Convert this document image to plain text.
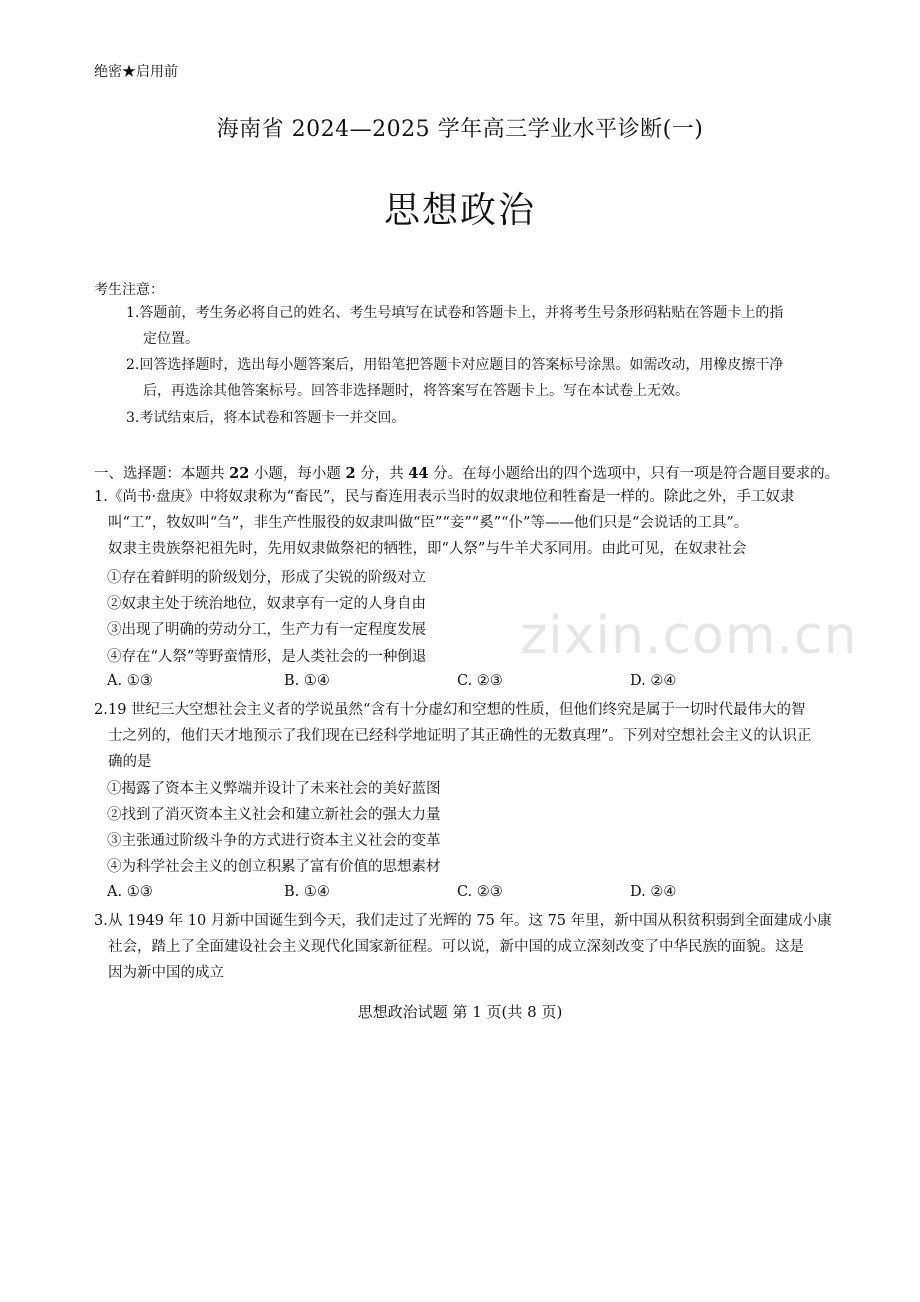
绝密★启用前
海南省 2024—2025 学年高三学业水平诊断(一)
思想政治
考生注意：
1.答题前，考生务必将自己的姓名、考生号填写在试卷和答题卡上，并将考生号条形码粘贴在答题卡上的指
定位置。
2.回答选择题时，选出每小题答案后，用铅笔把答题卡对应题目的答案标号涂黑。如需改动，用橡皮擦干净
后，再选涂其他答案标号。回答非选择题时，将答案写在答题卡上。写在本试卷上无效。
3.考试结束后，将本试卷和答题卡一并交回。
一、选择题：本题共 22 小题，每小题 2 分，共 44 分。在每小题给出的四个选项中，只有一项是符合题目要求的。
1. 《尚书·盘庚》中将奴隶称为“畜民”，民与畜连用表示当时的奴隶地位和牲畜是一样的。除此之外，手工奴隶
叫“工”，牧奴叫“刍”，非生产性服役的奴隶叫做“臣”“妾”“奚”“仆”等——他们只是“会说话的工具”。
奴隶主贵族祭祀祖先时，先用奴隶做祭祀的牺牲，即“人祭”与牛羊犬豕同用。由此可见，在奴隶社会
①存在着鲜明的阶级划分，形成了尖锐的阶级对立
②奴隶主处于统治地位，奴隶享有一定的人身自由
③出现了明确的劳动分工，生产力有一定程度发展
④存在“人祭”等野蛮情形，是人类社会的一种倒退
A. ①③	B. ①④	C. ②③	D. ②④
2. 19 世纪三大空想社会主义者的学说虽然“含有十分虚幻和空想的性质，但他们终究是属于一切时代最伟大的智
士之列的，他们天才地预示了我们现在已经科学地证明了其正确性的无数真理”。下列对空想社会主义的认识正
确的是
①揭露了资本主义弊端并设计了未来社会的美好蓝图
②找到了消灭资本主义社会和建立新社会的强大力量
③主张通过阶级斗争的方式进行资本主义社会的变革
④为科学社会主义的创立积累了富有价值的思想素材
A. ①③	B. ①④	C. ②③	D. ②④
3. 从 1949 年 10 月新中国诞生到今天，我们走过了光辉的 75 年。这 75 年里，新中国从积贫积弱到全面建成小康
社会，踏上了全面建设社会主义现代化国家新征程。可以说，新中国的成立深刻改变了中华民族的面貌。这是
因为新中国的成立
思想政治试题 第 1 页(共 8 页)
zixin.com.cn
